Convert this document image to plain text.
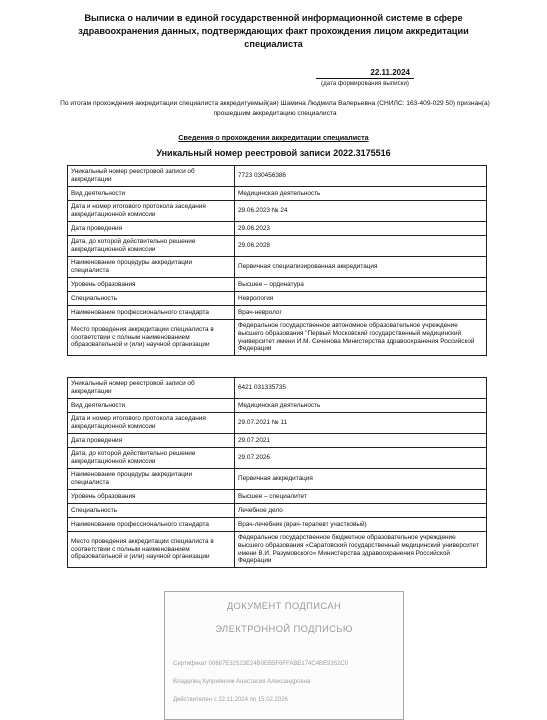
Выписка о наличии в единой государственной информационной системе в сфере здравоохранения данных, подтверждающих факт прохождения лицом аккредитации специалиста
22.11.2024
(дата формирования выписки)
По итогам прохождения аккредитации специалиста аккредитуемый(ая) Шамина Людмила Валерьевна (СНИЛС: 163-409-029 50) признан(а) прошедшим аккредитацию специалиста
Сведения о прохождении аккредитации специалиста
Уникальный номер реестровой записи 2022.3175516
Уникальный номер реестровой записи об аккредитации	7723 030456386
Вид деятельности	Медицинская деятельность
Дата и номер итогового протокола заседания аккредитационной комиссии	29.06.2023 № 24
Дата проведения	29.06.2023
Дата, до которой действительно решение аккредитационной комиссии	29.06.2028
Наименование процедуры аккредитации специалиста	Первичная специализированная аккредитация
Уровень образования	Высшее – ординатура
Специальность	Неврология
Наименование профессионального стандарта	Врач-невролог
Место проведения аккредитации специалиста в соответствии с полным наименованием образовательной и (или) научной организации	Федеральное государственное автономное образовательное учреждение высшего образования "Первый Московский государственный медицинский университет имени И.М. Сеченова Министерства здравоохранения Российской Федерации
Уникальный номер реестровой записи об аккредитации	6421 031335735
Вид деятельности	Медицинская деятельность
Дата и номер итогового протокола заседания аккредитационной комиссии	29.07.2021 № 11
Дата проведения	29.07.2021
Дата, до которой действительно решение аккредитационной комиссии	29.07.2026
Наименование процедуры аккредитации специалиста	Первичная аккредитация
Уровень образования	Высшее – специалитет
Специальность	Лечебное дело
Наименование профессионального стандарта	Врач-лечебник (врач-терапевт участковый)
Место проведения аккредитации специалиста в соответствии с полным наименованием образовательной и (или) научной организации	Федеральное государственное бюджетное образовательное учреждение высшего образования «Саратовский государственный медицинский университет имени В.И. Разумовского» Министерства здравоохранения Российской Федерации
ДОКУМЕНТ ПОДПИСАН
ЭЛЕКТРОННОЙ ПОДПИСЬЮ
Сертификат 00687E32523E24B0EB5F6FFABE174C4BE9352C0
Владелец Куприянчик Анастасия Александровна
Действителен с 22.11.2024 по 15.02.2026
